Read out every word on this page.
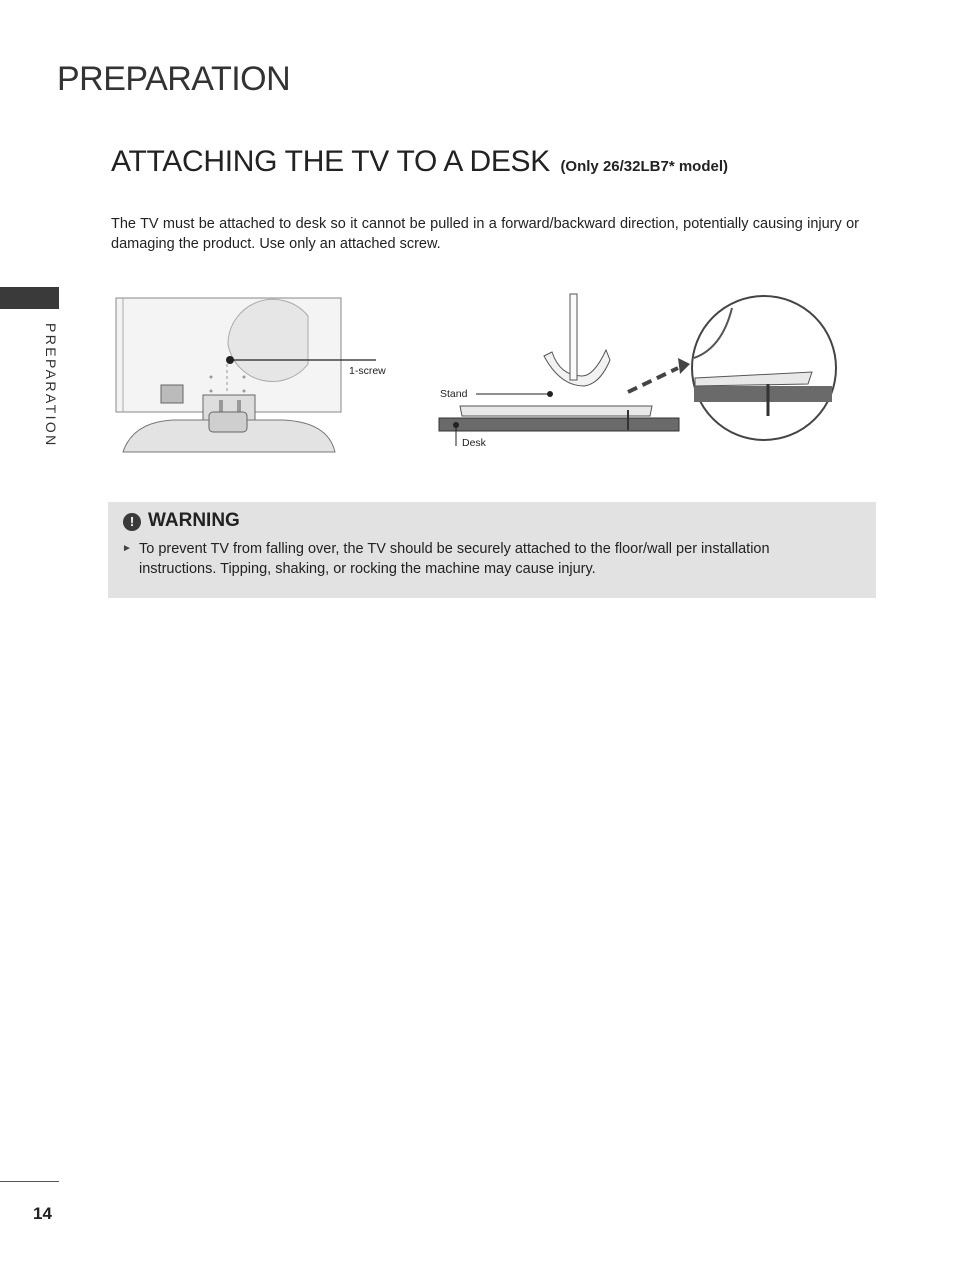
PREPARATION
PREPARATION
ATTACHING THE TV TO A DESK (Only 26/32LB7* model)
The TV must be attached to desk so it cannot be pulled in a forward/backward direction, potentially causing injury or damaging the product. Use only an attached screw.
1-screw
Stand
Desk
! WARNING
► To prevent TV from falling over, the TV should be securely attached to the floor/wall per installation instructions. Tipping, shaking, or rocking the machine may cause injury.
14
